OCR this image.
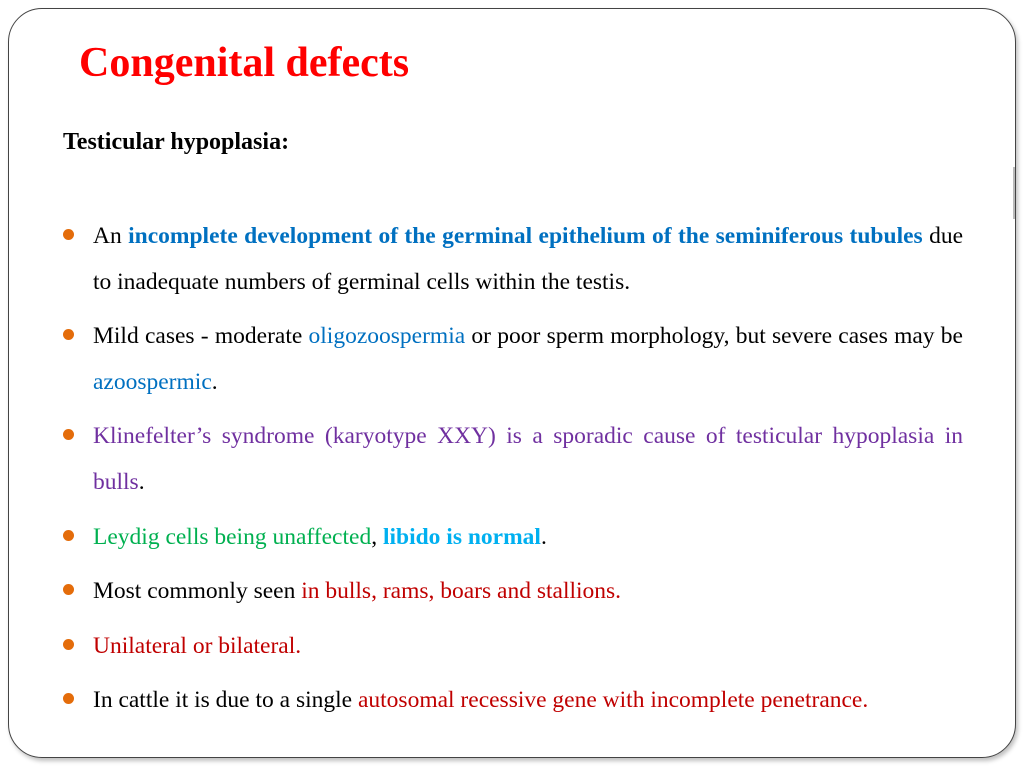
Congenital defects
Testicular hypoplasia:
An incomplete development of the germinal epithelium of the seminiferous tubules due to inadequate numbers of germinal cells within the testis.
Mild cases - moderate oligozoospermia or poor sperm morphology, but severe cases may be azoospermic.
Klinefelter’s syndrome (karyotype XXY) is a sporadic cause of testicular hypoplasia in bulls.
Leydig cells being unaffected, libido is normal.
Most commonly seen in bulls, rams, boars and stallions.
Unilateral or bilateral.
In cattle it is due to a single autosomal recessive gene with incomplete penetrance.
